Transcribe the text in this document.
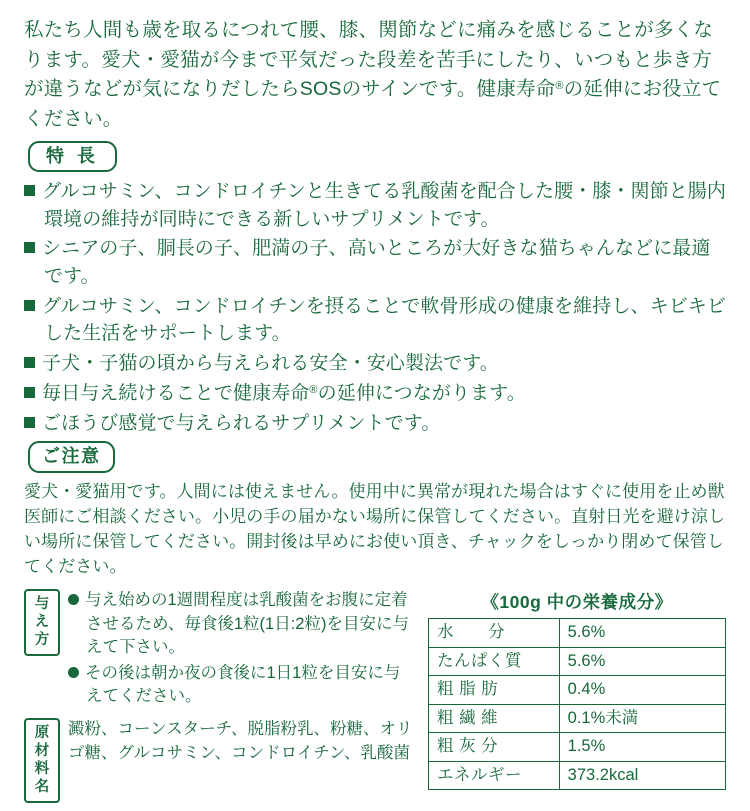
私たち人間も歳を取るにつれて腰、膝、関節などに痛みを感じることが多くなります。愛犬・愛猫が今まで平気だった段差を苦手にしたり、いつもと歩き方が違うなどが気になりだしたらSOSのサインです。健康寿命®の延伸にお役立てください。

特 長
グルコサミン、コンドロイチンと生きてる乳酸菌を配合した腰・膝・関節と腸内環境の維持が同時にできる新しいサプリメントです。
シニアの子、胴長の子、肥満の子、高いところが大好きな猫ちゃんなどに最適です。
グルコサミン、コンドロイチンを摂ることで軟骨形成の健康を維持し、キビキビした生活をサポートします。
子犬・子猫の頃から与えられる安全・安心製法です。
毎日与え続けることで健康寿命®の延伸につながります。
ごほうび感覚で与えられるサプリメントです。
ご注意

愛犬・愛猫用です。人間には使えません。使用中に異常が現れた場合はすぐに使用を止め獣医師にご相談ください。小児の手の届かない場所に保管してください。直射日光を避け涼しい場所に保管してください。開封後は早めにお使い頂き、チャックをしっかり閉めて保管してください。

与
え
方
与え始めの1週間程度は乳酸菌をお腹に定着させるため、毎食後1粒(1日:2粒)を目安に与えて下さい。
その後は朝か夜の食後に1日1粒を目安に与えてください。
原
材
料
名

澱粉、コーンスターチ、脱脂粉乳、粉糖、オリゴ糖、グルコサミン、コンドロイチン、乳酸菌

《100g 中の栄養成分》
水　　分	5.6%
たんぱく質	5.6%
粗 脂 肪	0.4%
粗 繊 維	0.1%未満
粗 灰 分	1.5%
エネルギー	373.2kcal
